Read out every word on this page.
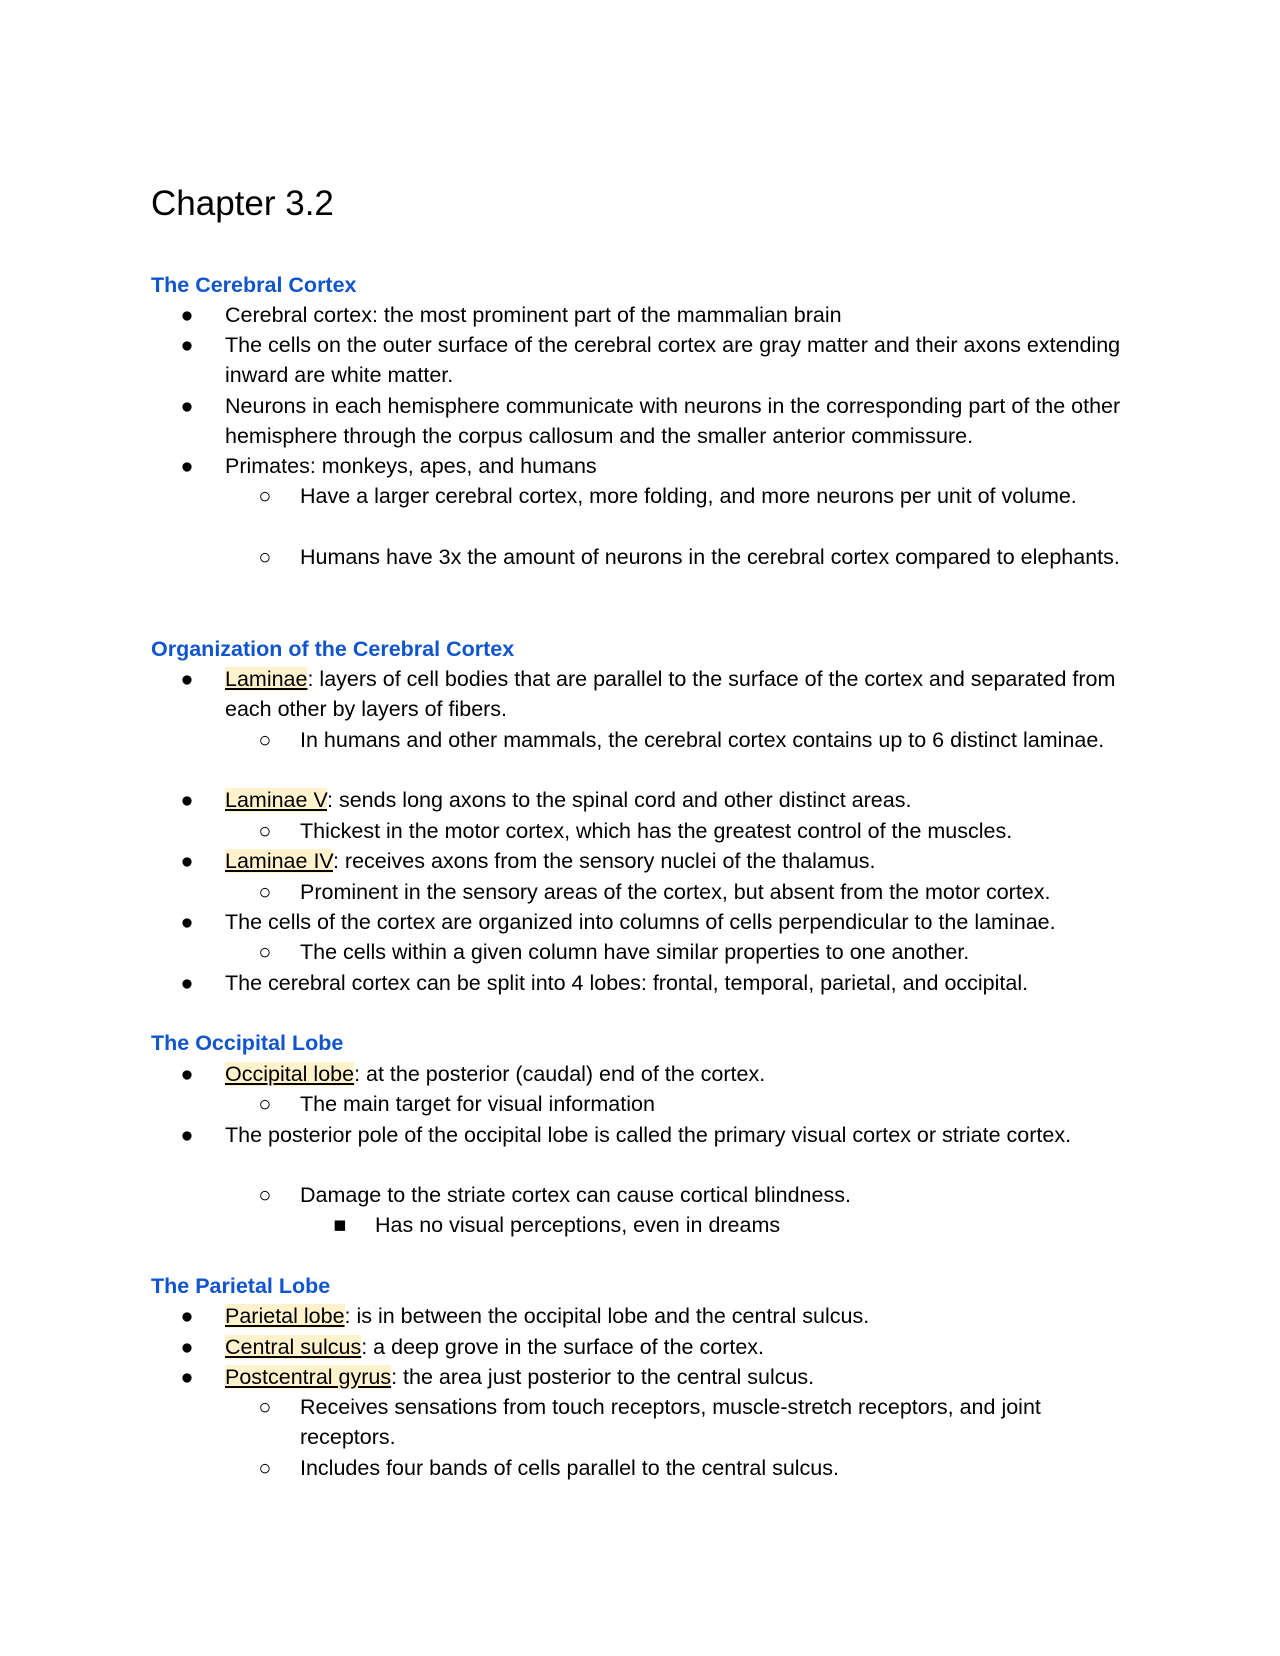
Chapter 3.2
The Cerebral Cortex
● Cerebral cortex: the most prominent part of the mammalian brain
● The cells on the outer surface of the cerebral cortex are gray matter and their axons extending inward are white matter.
● Neurons in each hemisphere communicate with neurons in the corresponding part of the other hemisphere through the corpus callosum and the smaller anterior commissure.
● Primates: monkeys, apes, and humans
○ Have a larger cerebral cortex, more folding, and more neurons per unit of volume.
○ Humans have 3x the amount of neurons in the cerebral cortex compared to elephants.
Organization of the Cerebral Cortex
● Laminae: layers of cell bodies that are parallel to the surface of the cortex and separated from each other by layers of fibers.
○ In humans and other mammals, the cerebral cortex contains up to 6 distinct laminae.
● Laminae V: sends long axons to the spinal cord and other distinct areas.
○ Thickest in the motor cortex, which has the greatest control of the muscles.
● Laminae IV: receives axons from the sensory nuclei of the thalamus.
○ Prominent in the sensory areas of the cortex, but absent from the motor cortex.
● The cells of the cortex are organized into columns of cells perpendicular to the laminae.
○ The cells within a given column have similar properties to one another.
● The cerebral cortex can be split into 4 lobes: frontal, temporal, parietal, and occipital.
The Occipital Lobe
● Occipital lobe: at the posterior (caudal) end of the cortex.
○ The main target for visual information
● The posterior pole of the occipital lobe is called the primary visual cortex or striate cortex.
○ Damage to the striate cortex can cause cortical blindness.
■ Has no visual perceptions, even in dreams
The Parietal Lobe
● Parietal lobe: is in between the occipital lobe and the central sulcus.
● Central sulcus: a deep grove in the surface of the cortex.
● Postcentral gyrus: the area just posterior to the central sulcus.
○ Receives sensations from touch receptors, muscle-stretch receptors, and joint receptors.
○ Includes four bands of cells parallel to the central sulcus.
